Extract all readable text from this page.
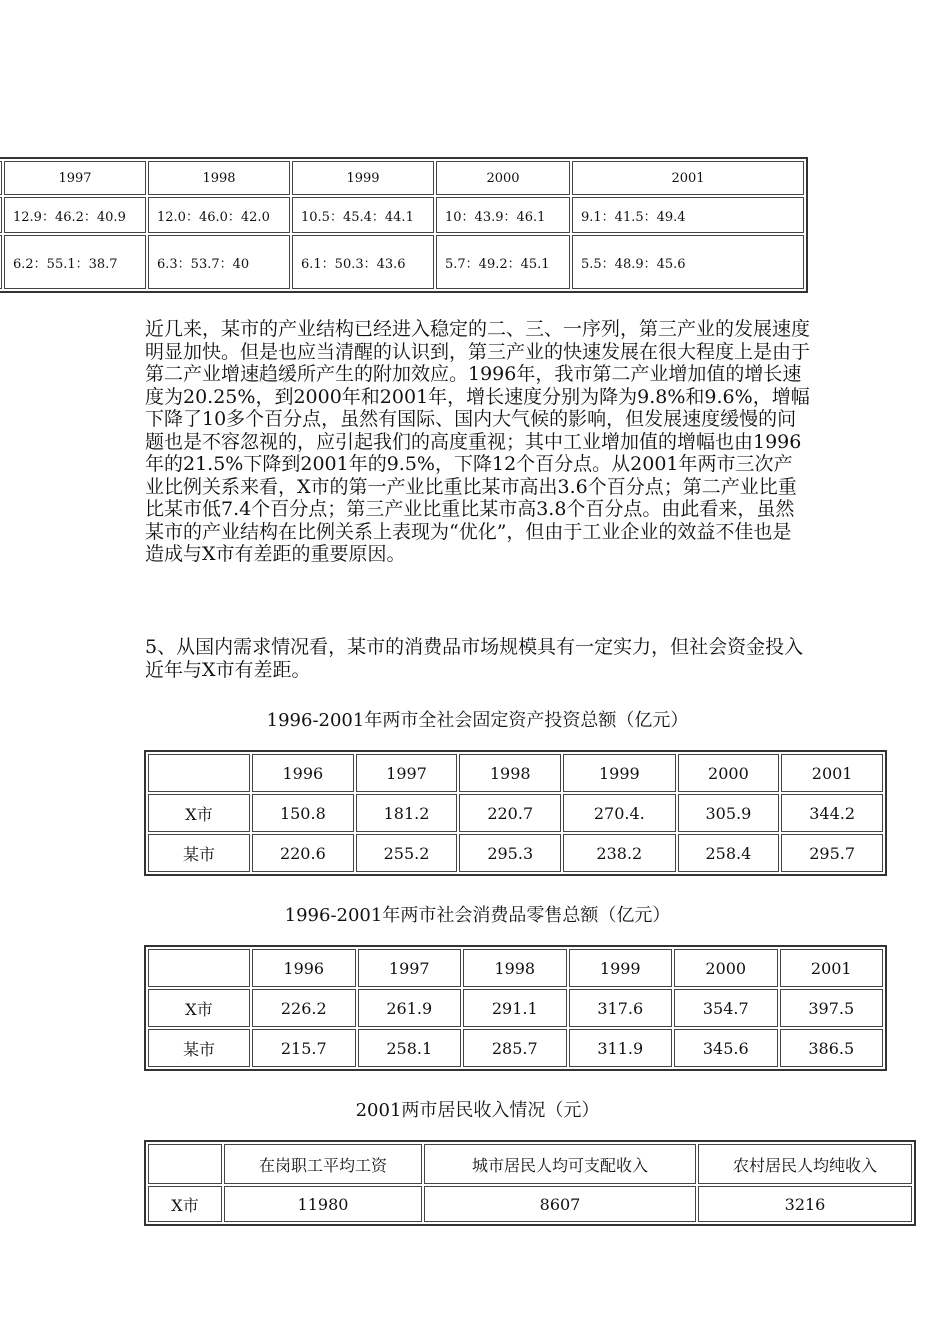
	1997	1998	1999	2000	2001
	12.9：46.2：40.9	12.0：46.0：42.0	10.5：45.4：44.1	10：43.9：46.1	9.1：41.5：49.4
	6.2：55.1：38.7	6.3：53.7：40	6.1：50.3：43.6	5.7：49.2：45.1	5.5：48.9：45.6

近几来，某市的产业结构已经进入稳定的二、三、一序列，第三产业的发展速度明显加快。但是也应当清醒的认识到，第三产业的快速发展在很大程度上是由于第二产业增速趋缓所产生的附加效应。1996年，我市第二产业增加值的增长速度为20.25%，到2000年和2001年，增长速度分别为降为9.8%和9.6%，增幅下降了10多个百分点，虽然有国际、国内大气候的影响，但发展速度缓慢的问题也是不容忽视的，应引起我们的高度重视；其中工业增加值的增幅也由1996年的21.5%下降到2001年的9.5%，下降12个百分点。从2001年两市三次产业比例关系来看，X市的第一产业比重比某市高出3.6个百分点；第二产业比重比某市低7.4个百分点；第三产业比重比某市高3.8个百分点。由此看来，虽然某市的产业结构在比例关系上表现为“优化”，但由于工业企业的效益不佳也是造成与X市有差距的重要原因。

5、从国内需求情况看，某市的消费品市场规模具有一定实力，但社会资金投入近年与X市有差距。

1996-2001年两市全社会固定资产投资总额（亿元）

	1996	1997	1998	1999	2000	2001
X市	150.8	181.2	220.7	270.4.	305.9	344.2
某市	220.6	255.2	295.3	238.2	258.4	295.7

1996-2001年两市社会消费品零售总额（亿元）

	1996	1997	1998	1999	2000	2001
X市	226.2	261.9	291.1	317.6	354.7	397.5
某市	215.7	258.1	285.7	311.9	345.6	386.5

2001两市居民收入情况（元）

	在岗职工平均工资	城市居民人均可支配收入	农村居民人均纯收入
X市	11980	8607	3216
